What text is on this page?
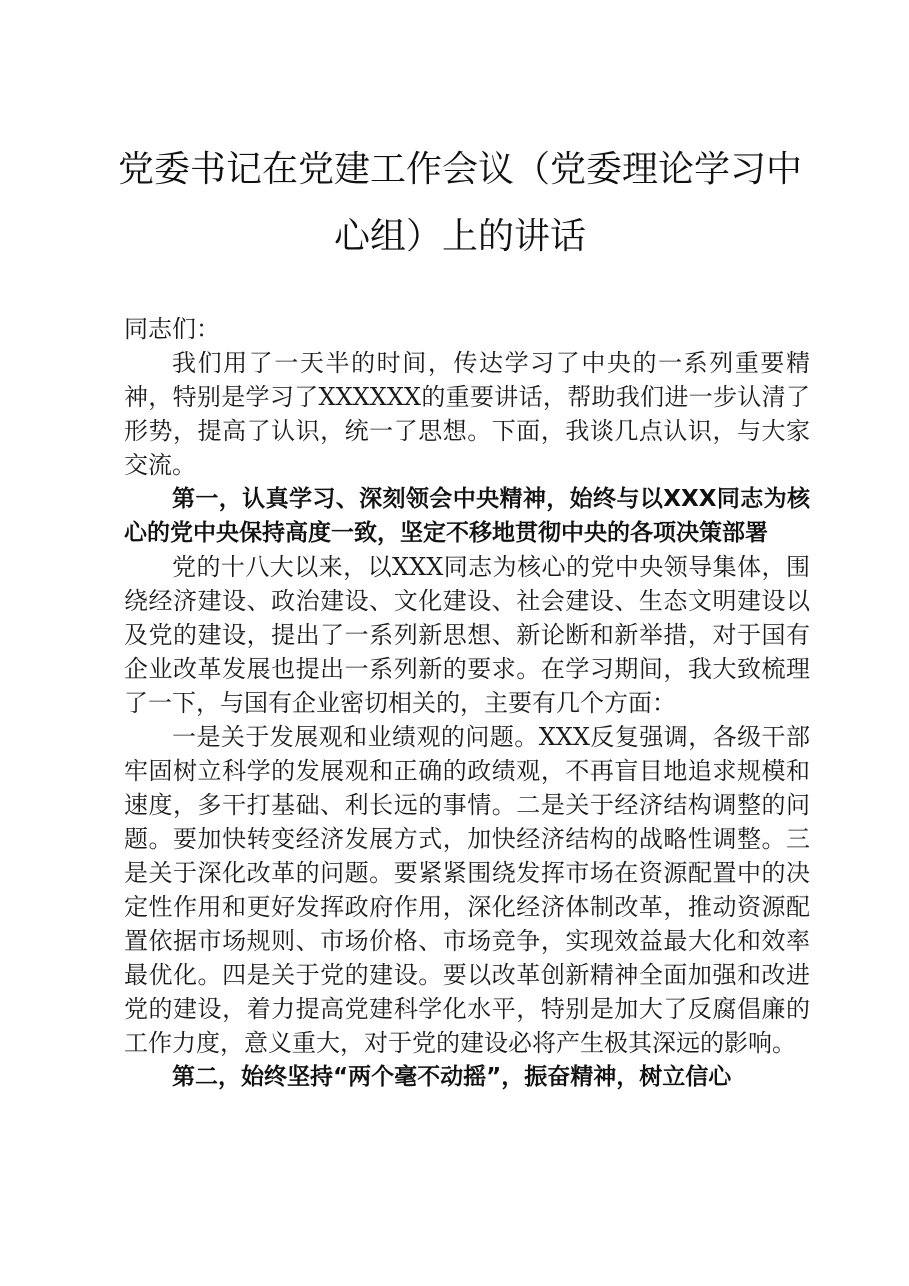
党委书记在党建工作会议（党委理论学习中心组）上的讲话

同志们：

我们用了一天半的时间，传达学习了中央的一系列重要精神，特别是学习了XXXXXX的重要讲话，帮助我们进一步认清了形势，提高了认识，统一了思想。下面，我谈几点认识，与大家交流。

第一，认真学习、深刻领会中央精神，始终与以XXX同志为核心的党中央保持高度一致，坚定不移地贯彻中央的各项决策部署

党的十八大以来，以XXX同志为核心的党中央领导集体，围绕经济建设、政治建设、文化建设、社会建设、生态文明建设以及党的建设，提出了一系列新思想、新论断和新举措，对于国有企业改革发展也提出一系列新的要求。在学习期间，我大致梳理了一下，与国有企业密切相关的，主要有几个方面：

一是关于发展观和业绩观的问题。XXX反复强调，各级干部牢固树立科学的发展观和正确的政绩观，不再盲目地追求规模和速度，多干打基础、利长远的事情。二是关于经济结构调整的问题。要加快转变经济发展方式，加快经济结构的战略性调整。三是关于深化改革的问题。要紧紧围绕发挥市场在资源配置中的决定性作用和更好发挥政府作用，深化经济体制改革，推动资源配置依据市场规则、市场价格、市场竞争，实现效益最大化和效率最优化。四是关于党的建设。要以改革创新精神全面加强和改进党的建设，着力提高党建科学化水平，特别是加大了反腐倡廉的工作力度，意义重大，对于党的建设必将产生极其深远的影响。

第二，始终坚持“两个毫不动摇”，振奋精神，树立信心
